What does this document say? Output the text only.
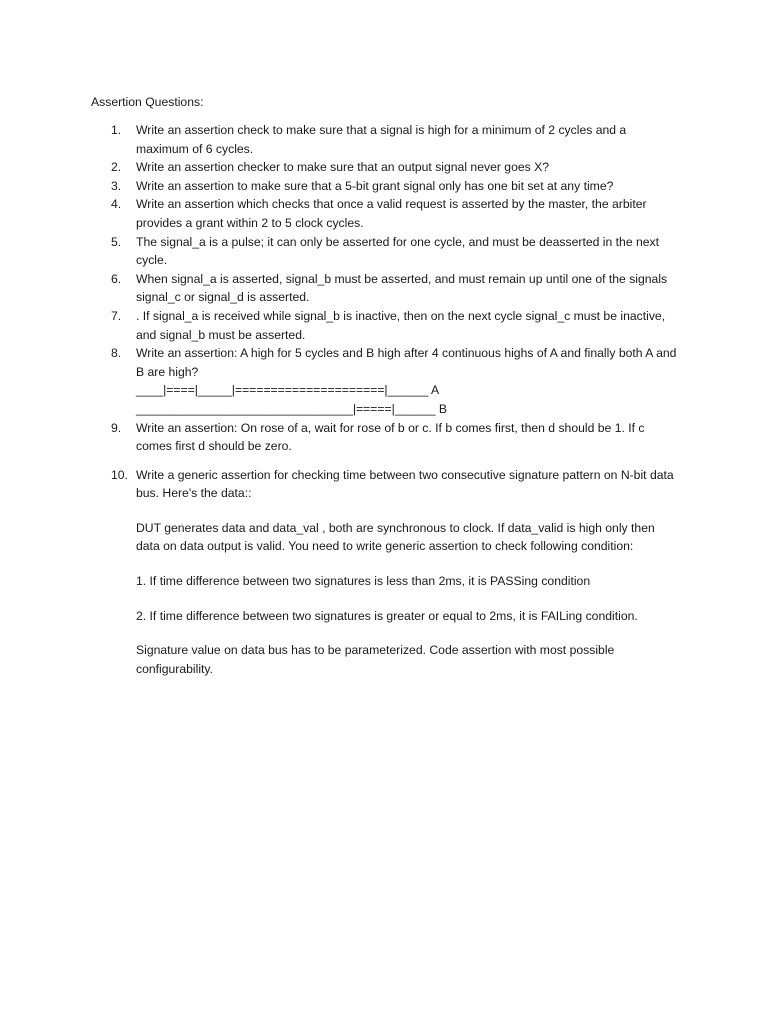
Assertion Questions:
1.	Write an assertion check to make sure that a signal is high for a minimum of 2 cycles and a maximum of 6 cycles.
2.	Write an assertion checker to make sure that an output signal never goes X?
3.	Write an assertion to make sure that a 5-bit grant signal only has one bit set at any time?
4.	Write an assertion which checks that once a valid request is asserted by the master, the arbiter provides a grant within 2 to 5 clock cycles.
5.	The signal_a is a pulse; it can only be asserted for one cycle, and must be deasserted in the next cycle.
6.	When signal_a is asserted, signal_b must be asserted, and must remain up until one of the signals signal_c or signal_d is asserted.
7.	. If signal_a is received while signal_b is inactive, then on the next cycle signal_c must be inactive, and signal_b must be asserted.
8.	Write an assertion: A high for 5 cycles and B high after 4 continuous highs of A and finally both A and B are high?
____|====|_____|=====================|______ A
________________________________|=====|______ B
9.	Write an assertion: On rose of a, wait for rose of b or c. If b comes first, then d should be 1. If c comes first d should be zero.
10. Write a generic assertion for checking time between two consecutive signature pattern on N-bit data bus. Here's the data::
DUT generates data and data_val , both are synchronous to clock. If data_valid is high only then data on data output is valid. You need to write generic assertion to check following condition:
1. If time difference between two signatures is less than 2ms, it is PASSing condition
2. If time difference between two signatures is greater or equal to 2ms, it is FAILing condition.
Signature value on data bus has to be parameterized. Code assertion with most possible configurability.
